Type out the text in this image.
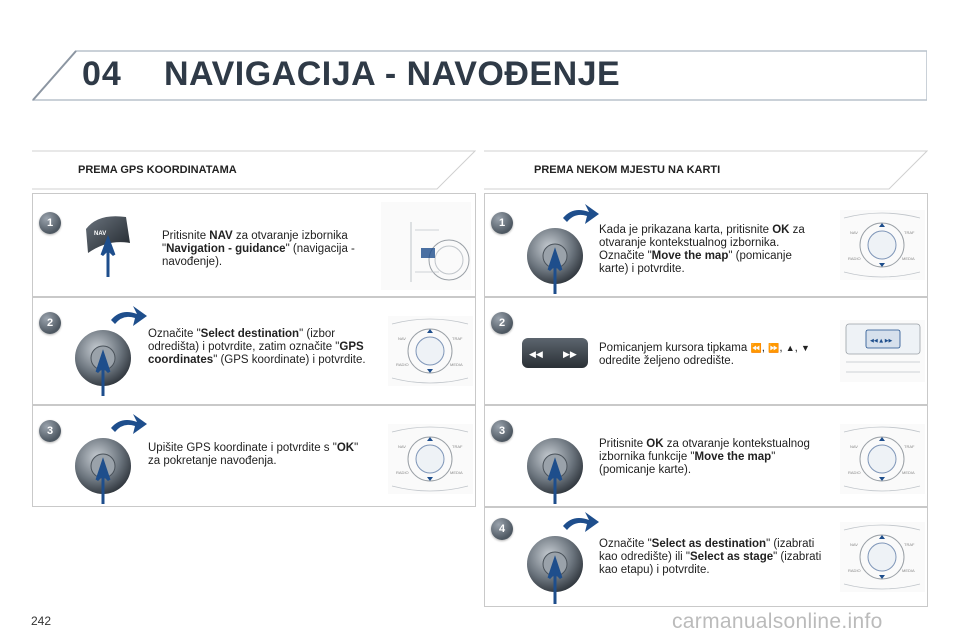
04 NAVIGACIJA - NAVOĐENJE
PREMA GPS KOORDINATAMA	PREMA NEKOM MJESTU NA KARTI
1
NAV	Pritisnite NAV za otvaranje izbornika "Navigation - guidance" (navigacija - navođenje).
2
Označite "Select destination" (izbor odredišta) i potvrdite, zatim označite "GPS coordinates" (GPS koordinate) i potvrdite.
NAV	TRAF
RADIO	MEDIA
3
Upišite GPS koordinate i potvrdite s "OK" za pokretanje navođenja.
NAV	TRAF
RADIO	MEDIA
1
Kada je prikazana karta, pritisnite OK za otvaranje kontekstualnog izbornika. Označite "Move the map" (pomicanje karte) i potvrdite.
NAV	TRAF
RADIO	MEDIA
2
◀◀ ▶▶
Pomicanjem kursora tipkama ⏪, ⏩, ▲, ▼
odredite željeno odredište.
◀◀ ▲ ▶▶
3
Pritisnite OK za otvaranje kontekstualnog izbornika funkcije "Move the map" (pomicanje karte).
NAV	TRAF
RADIO	MEDIA
4
Označite "Select as destination" (izabrati kao odredište) ili "Select as stage" (izabrati kao etapu) i potvrdite.
NAV	TRAF
RADIO	MEDIA
242	carmanualsonline.info
